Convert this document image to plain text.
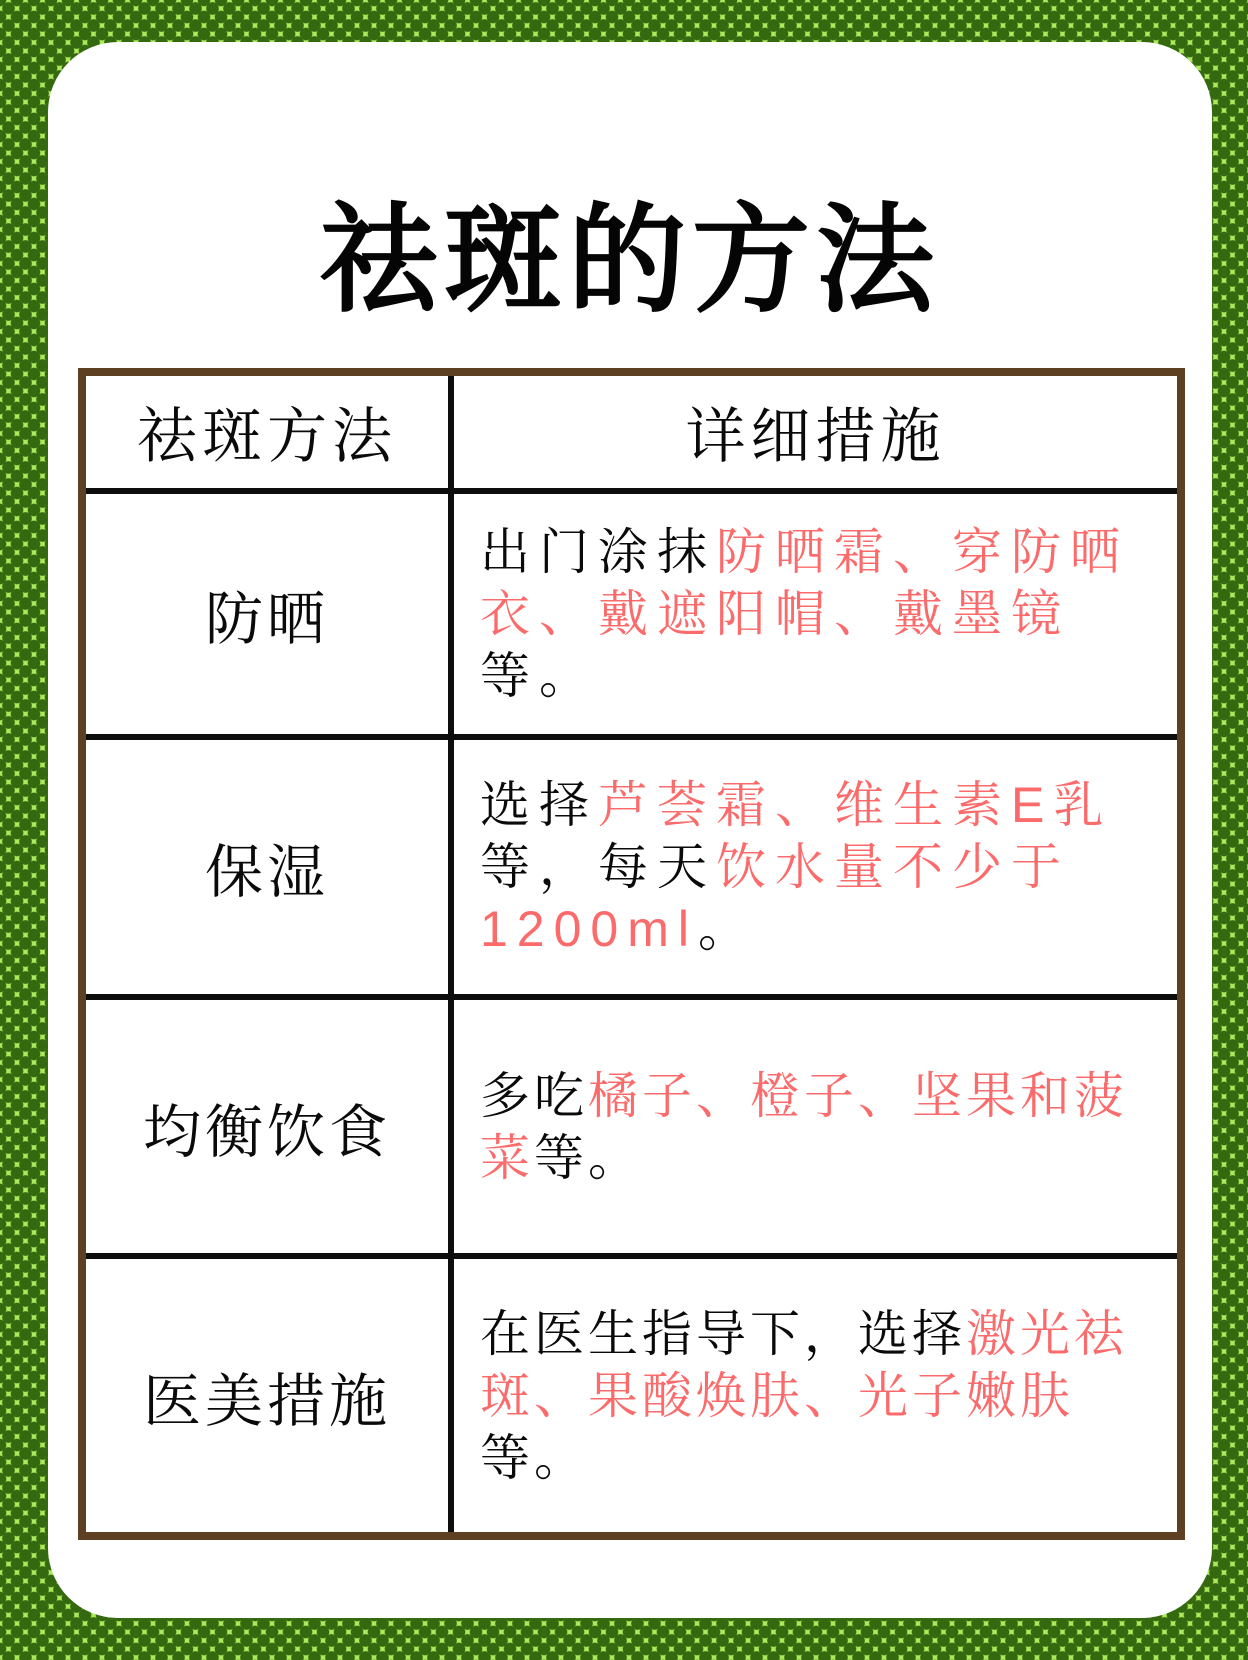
祛斑的方法
祛斑方法	详细措施
防晒	出门涂抹防晒霜、穿防晒衣、戴遮阳帽、戴墨镜等。
保湿	选择芦荟霜、维生素E乳等，每天饮水量不少于1200ml。
均衡饮食	多吃橘子、橙子、坚果和菠菜等。
医美措施	在医生指导下，选择激光祛斑、果酸焕肤、光子嫩肤等。
